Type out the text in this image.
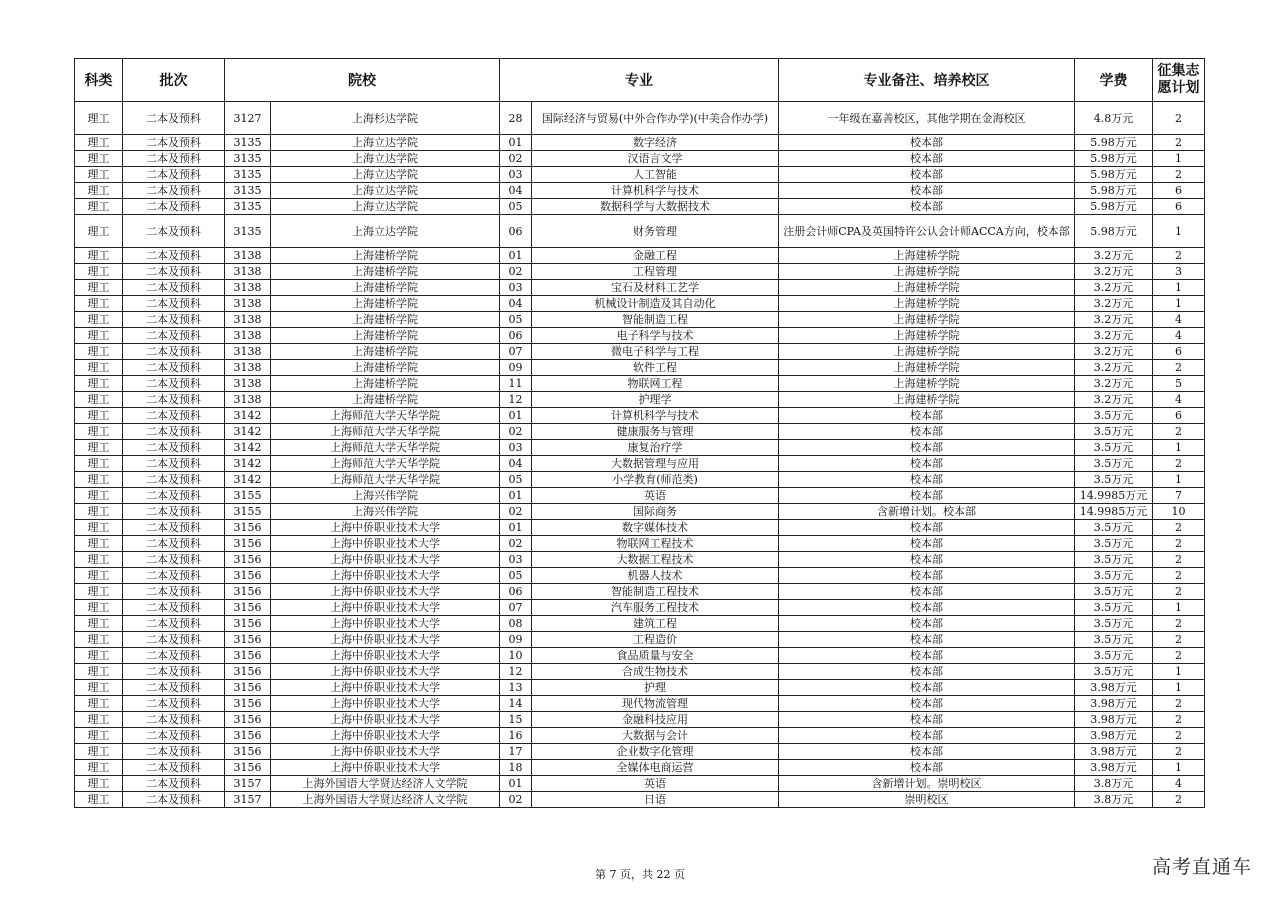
科类	批次	院校		专业		专业备注、培养校区	学费	征集志愿计划
理工	二本及预科	3127	上海杉达学院	28	国际经济与贸易(中外合作办学)(中美合作办学)	一年级在嘉善校区，其他学期在金海校区	4.8万元	2
理工	二本及预科	3135	上海立达学院	01	数字经济	校本部	5.98万元	2
理工	二本及预科	3135	上海立达学院	02	汉语言文学	校本部	5.98万元	1
理工	二本及预科	3135	上海立达学院	03	人工智能	校本部	5.98万元	2
理工	二本及预科	3135	上海立达学院	04	计算机科学与技术	校本部	5.98万元	6
理工	二本及预科	3135	上海立达学院	05	数据科学与大数据技术	校本部	5.98万元	6
理工	二本及预科	3135	上海立达学院	06	财务管理	注册会计师CPA及英国特许公认会计师ACCA方向，校本部	5.98万元	1
理工	二本及预科	3138	上海建桥学院	01	金融工程	上海建桥学院	3.2万元	2
理工	二本及预科	3138	上海建桥学院	02	工程管理	上海建桥学院	3.2万元	3
理工	二本及预科	3138	上海建桥学院	03	宝石及材料工艺学	上海建桥学院	3.2万元	1
理工	二本及预科	3138	上海建桥学院	04	机械设计制造及其自动化	上海建桥学院	3.2万元	1
理工	二本及预科	3138	上海建桥学院	05	智能制造工程	上海建桥学院	3.2万元	4
理工	二本及预科	3138	上海建桥学院	06	电子科学与技术	上海建桥学院	3.2万元	4
理工	二本及预科	3138	上海建桥学院	07	微电子科学与工程	上海建桥学院	3.2万元	6
理工	二本及预科	3138	上海建桥学院	09	软件工程	上海建桥学院	3.2万元	2
理工	二本及预科	3138	上海建桥学院	11	物联网工程	上海建桥学院	3.2万元	5
理工	二本及预科	3138	上海建桥学院	12	护理学	上海建桥学院	3.2万元	4
理工	二本及预科	3142	上海师范大学天华学院	01	计算机科学与技术	校本部	3.5万元	6
理工	二本及预科	3142	上海师范大学天华学院	02	健康服务与管理	校本部	3.5万元	2
理工	二本及预科	3142	上海师范大学天华学院	03	康复治疗学	校本部	3.5万元	1
理工	二本及预科	3142	上海师范大学天华学院	04	大数据管理与应用	校本部	3.5万元	2
理工	二本及预科	3142	上海师范大学天华学院	05	小学教育(师范类)	校本部	3.5万元	1
理工	二本及预科	3155	上海兴伟学院	01	英语	校本部	14.9985万元	7
理工	二本及预科	3155	上海兴伟学院	02	国际商务	含新增计划。校本部	14.9985万元	10
理工	二本及预科	3156	上海中侨职业技术大学	01	数字媒体技术	校本部	3.5万元	2
理工	二本及预科	3156	上海中侨职业技术大学	02	物联网工程技术	校本部	3.5万元	2
理工	二本及预科	3156	上海中侨职业技术大学	03	大数据工程技术	校本部	3.5万元	2
理工	二本及预科	3156	上海中侨职业技术大学	05	机器人技术	校本部	3.5万元	2
理工	二本及预科	3156	上海中侨职业技术大学	06	智能制造工程技术	校本部	3.5万元	2
理工	二本及预科	3156	上海中侨职业技术大学	07	汽车服务工程技术	校本部	3.5万元	1
理工	二本及预科	3156	上海中侨职业技术大学	08	建筑工程	校本部	3.5万元	2
理工	二本及预科	3156	上海中侨职业技术大学	09	工程造价	校本部	3.5万元	2
理工	二本及预科	3156	上海中侨职业技术大学	10	食品质量与安全	校本部	3.5万元	2
理工	二本及预科	3156	上海中侨职业技术大学	12	合成生物技术	校本部	3.5万元	1
理工	二本及预科	3156	上海中侨职业技术大学	13	护理	校本部	3.98万元	1
理工	二本及预科	3156	上海中侨职业技术大学	14	现代物流管理	校本部	3.98万元	2
理工	二本及预科	3156	上海中侨职业技术大学	15	金融科技应用	校本部	3.98万元	2
理工	二本及预科	3156	上海中侨职业技术大学	16	大数据与会计	校本部	3.98万元	2
理工	二本及预科	3156	上海中侨职业技术大学	17	企业数字化管理	校本部	3.98万元	2
理工	二本及预科	3156	上海中侨职业技术大学	18	全媒体电商运营	校本部	3.98万元	1
理工	二本及预科	3157	上海外国语大学贤达经济人文学院	01	英语	含新增计划。崇明校区	3.8万元	4
理工	二本及预科	3157	上海外国语大学贤达经济人文学院	02	日语	崇明校区	3.8万元	2
第 7 页，共 22 页	高考直通车
